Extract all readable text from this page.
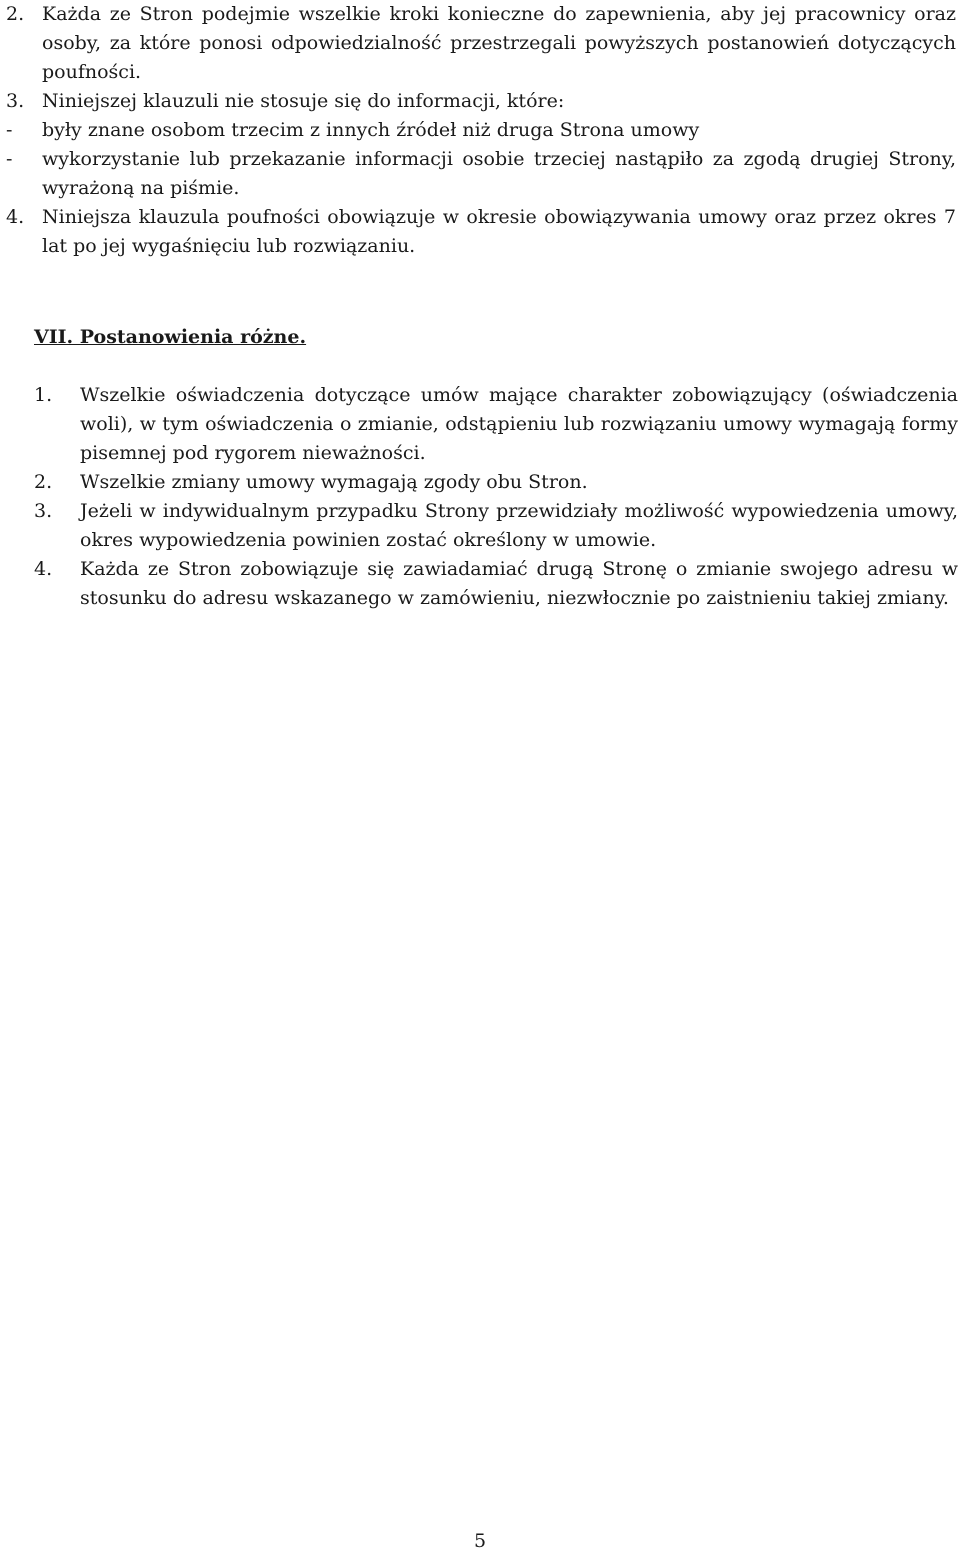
2. Każda ze Stron podejmie wszelkie kroki konieczne do zapewnienia, aby jej pracownicy oraz osoby, za które ponosi odpowiedzialność przestrzegali powyższych postanowień dotyczących poufności.
3. Niniejszej klauzuli nie stosuje się do informacji, które:
-	były znane osobom trzecim z innych źródeł niż druga Strona umowy
-	wykorzystanie lub przekazanie informacji osobie trzeciej nastąpiło za zgodą drugiej Strony, wyrażoną na piśmie.
4. Niniejsza klauzula poufności obowiązuje w okresie obowiązywania umowy oraz przez okres 7 lat po jej wygaśnięciu lub rozwiązaniu.
VII. Postanowienia różne.
1.	Wszelkie oświadczenia dotyczące umów mające charakter zobowiązujący (oświadczenia woli), w tym oświadczenia o zmianie, odstąpieniu lub rozwiązaniu umowy wymagają formy pisemnej pod rygorem nieważności.
2.	Wszelkie zmiany umowy wymagają zgody obu Stron.
3.	Jeżeli w indywidualnym przypadku Strony przewidziały możliwość wypowiedzenia umowy, okres wypowiedzenia powinien zostać określony w umowie.
4.	Każda ze Stron zobowiązuje się zawiadamiać drugą Stronę o zmianie swojego adresu w stosunku do adresu wskazanego w zamówieniu, niezwłocznie po zaistnieniu takiej zmiany.
5
